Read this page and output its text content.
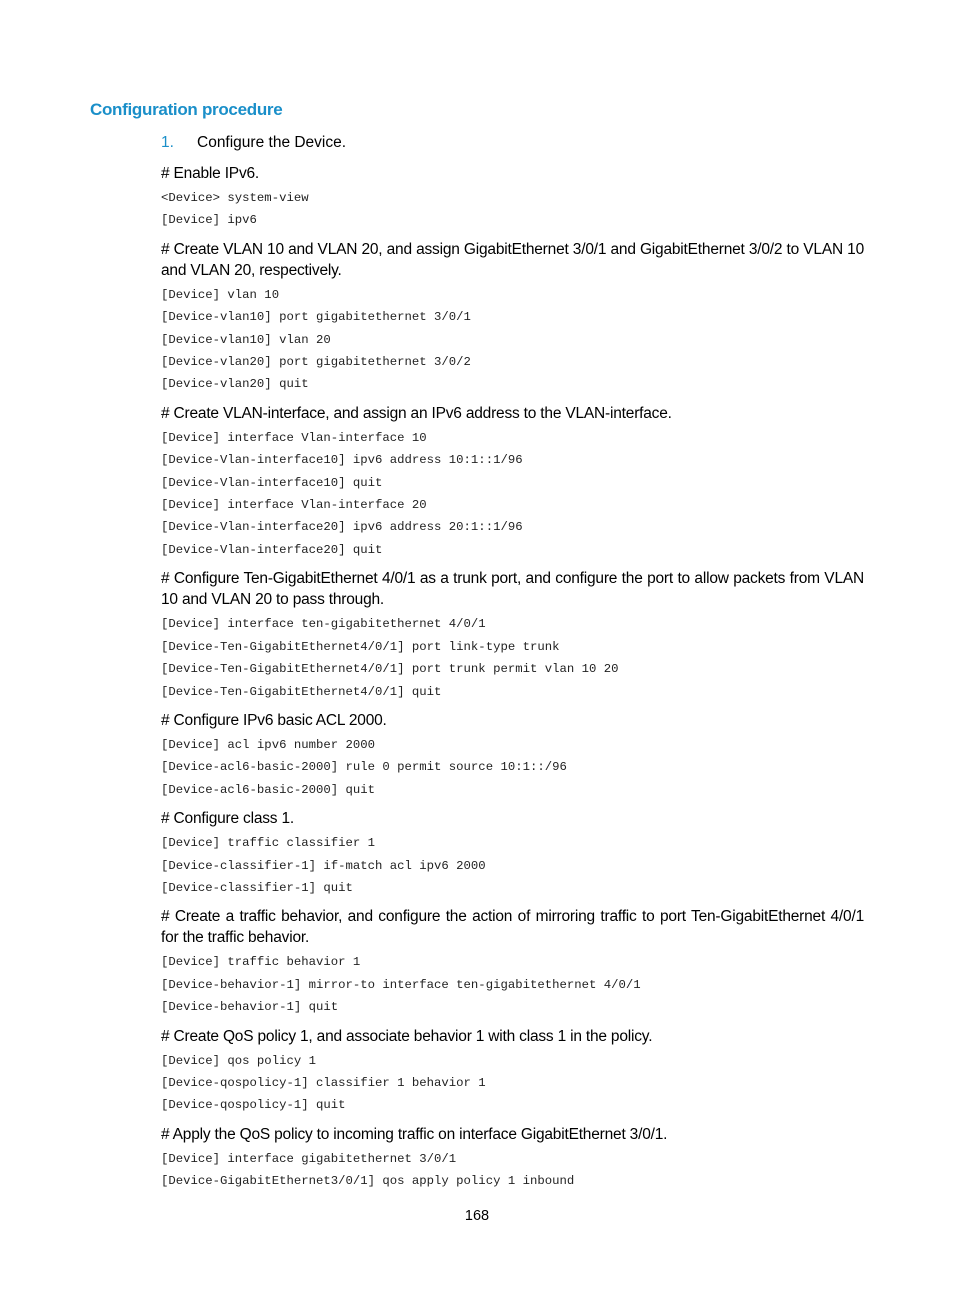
Configuration procedure
1. Configure the Device.

# Enable IPv6.

<Device> system-view
[Device] ipv6

# Create VLAN 10 and VLAN 20, and assign GigabitEthernet 3/0/1 and GigabitEthernet 3/0/2 to VLAN 10 and VLAN 20, respectively.

[Device] vlan 10
[Device-vlan10] port gigabitethernet 3/0/1
[Device-vlan10] vlan 20
[Device-vlan20] port gigabitethernet 3/0/2
[Device-vlan20] quit

# Create VLAN-interface, and assign an IPv6 address to the VLAN-interface.

[Device] interface Vlan-interface 10
[Device-Vlan-interface10] ipv6 address 10:1::1/96
[Device-Vlan-interface10] quit
[Device] interface Vlan-interface 20
[Device-Vlan-interface20] ipv6 address 20:1::1/96
[Device-Vlan-interface20] quit

# Configure Ten-GigabitEthernet 4/0/1 as a trunk port, and configure the port to allow packets from VLAN 10 and VLAN 20 to pass through.

[Device] interface ten-gigabitethernet 4/0/1
[Device-Ten-GigabitEthernet4/0/1] port link-type trunk
[Device-Ten-GigabitEthernet4/0/1] port trunk permit vlan 10 20
[Device-Ten-GigabitEthernet4/0/1] quit

# Configure IPv6 basic ACL 2000.

[Device] acl ipv6 number 2000
[Device-acl6-basic-2000] rule 0 permit source 10:1::/96
[Device-acl6-basic-2000] quit

# Configure class 1.

[Device] traffic classifier 1
[Device-classifier-1] if-match acl ipv6 2000
[Device-classifier-1] quit

# Create a traffic behavior, and configure the action of mirroring traffic to port Ten-GigabitEthernet 4/0/1 for the traffic behavior.

[Device] traffic behavior 1
[Device-behavior-1] mirror-to interface ten-gigabitethernet 4/0/1
[Device-behavior-1] quit

# Create QoS policy 1, and associate behavior 1 with class 1 in the policy.

[Device] qos policy 1
[Device-qospolicy-1] classifier 1 behavior 1
[Device-qospolicy-1] quit

# Apply the QoS policy to incoming traffic on interface GigabitEthernet 3/0/1.

[Device] interface gigabitethernet 3/0/1
[Device-GigabitEthernet3/0/1] qos apply policy 1 inbound
168
